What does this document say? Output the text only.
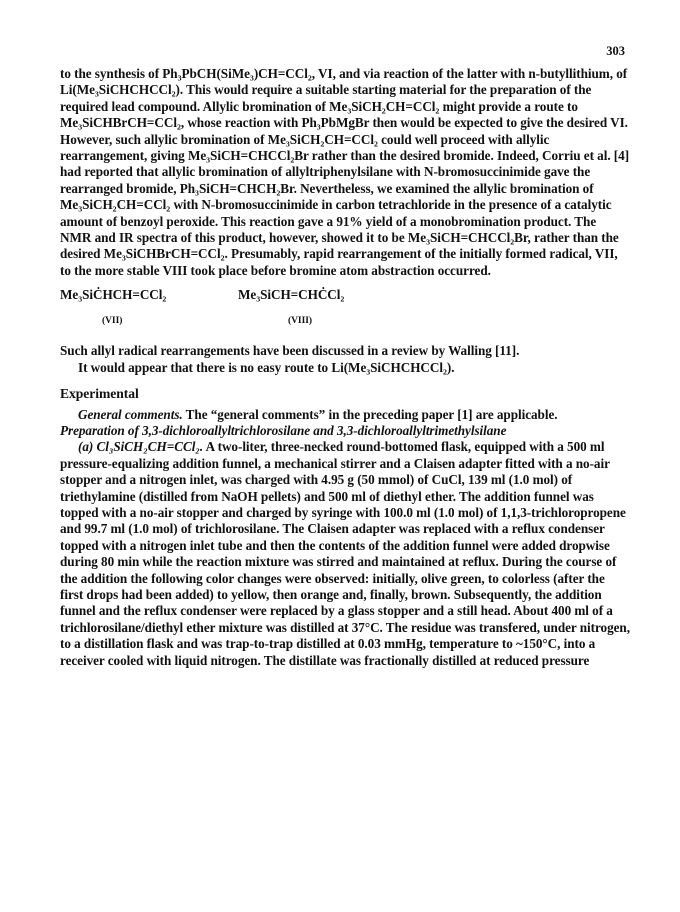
303

to the synthesis of Ph₃PbCH(SiMe₃)CH=CCl₂, VI, and via reaction of the latter with n-butyllithium, of Li(Me₃SiCHCHCCl₂). This would require a suitable starting material for the preparation of the required lead compound. Allylic bromination of Me₃SiCH₂CH=CCl₂ might provide a route to Me₃SiCHBrCH=CCl₂, whose reaction with Ph₃PbMgBr then would be expected to give the desired VI. However, such allylic bromination of Me₃SiCH₂CH=CCl₂ could well proceed with allylic rearrangement, giving Me₃SiCH=CHCCl₂Br rather than the desired bromide. Indeed, Corriu et al. [4] had reported that allylic bromination of allyltriphenylsilane with N-bromosuccinimide gave the rearranged bromide, Ph₃SiCH=CHCH₂Br. Nevertheless, we examined the allylic bromination of Me₃SiCH₂CH=CCl₂ with N-bromosuccinimide in carbon tetrachloride in the presence of a catalytic amount of benzoyl peroxide. This reaction gave a 91% yield of a monobromination product. The NMR and IR spectra of this product, however, showed it to be Me₃SiCH=CHCCl₂Br, rather than the desired Me₃SiCHBrCH=CCl₂. Presumably, rapid rearrangement of the initially formed radical, VII, to the more stable VIII took place before bromine atom abstraction occurred.

Me₃SiĊHCH=CCl₂	Me₃SiCH=CHĊCl₂
(VII)	(VIII)

Such allyl radical rearrangements have been discussed in a review by Walling [11].

It would appear that there is no easy route to Li(Me₃SiCHCHCCl₂).

Experimental

General comments. The “general comments” in the preceding paper [1] are applicable.

Preparation of 3,3-dichloroallyltrichlorosilane and 3,3-dichloroallyltrimethylsilane

(a) Cl₃SiCH₂CH=CCl₂. A two-liter, three-necked round-bottomed flask, equipped with a 500 ml pressure-equalizing addition funnel, a mechanical stirrer and a Claisen adapter fitted with a no-air stopper and a nitrogen inlet, was charged with 4.95 g (50 mmol) of CuCl, 139 ml (1.0 mol) of triethylamine (distilled from NaOH pellets) and 500 ml of diethyl ether. The addition funnel was topped with a no-air stopper and charged by syringe with 100.0 ml (1.0 mol) of 1,1,3-trichloropropene and 99.7 ml (1.0 mol) of trichlorosilane. The Claisen adapter was replaced with a reflux condenser topped with a nitrogen inlet tube and then the contents of the addition funnel were added dropwise during 80 min while the reaction mixture was stirred and maintained at reflux. During the course of the addition the following color changes were observed: initially, olive green, to colorless (after the first drops had been added) to yellow, then orange and, finally, brown. Subsequently, the addition funnel and the reflux condenser were replaced by a glass stopper and a still head. About 400 ml of a trichlorosilane/diethyl ether mixture was distilled at 37°C. The residue was transfered, under nitrogen, to a distillation flask and was trap-to-trap distilled at 0.03 mmHg, temperature to ~150°C, into a receiver cooled with liquid nitrogen. The distillate was fractionally distilled at reduced pressure
